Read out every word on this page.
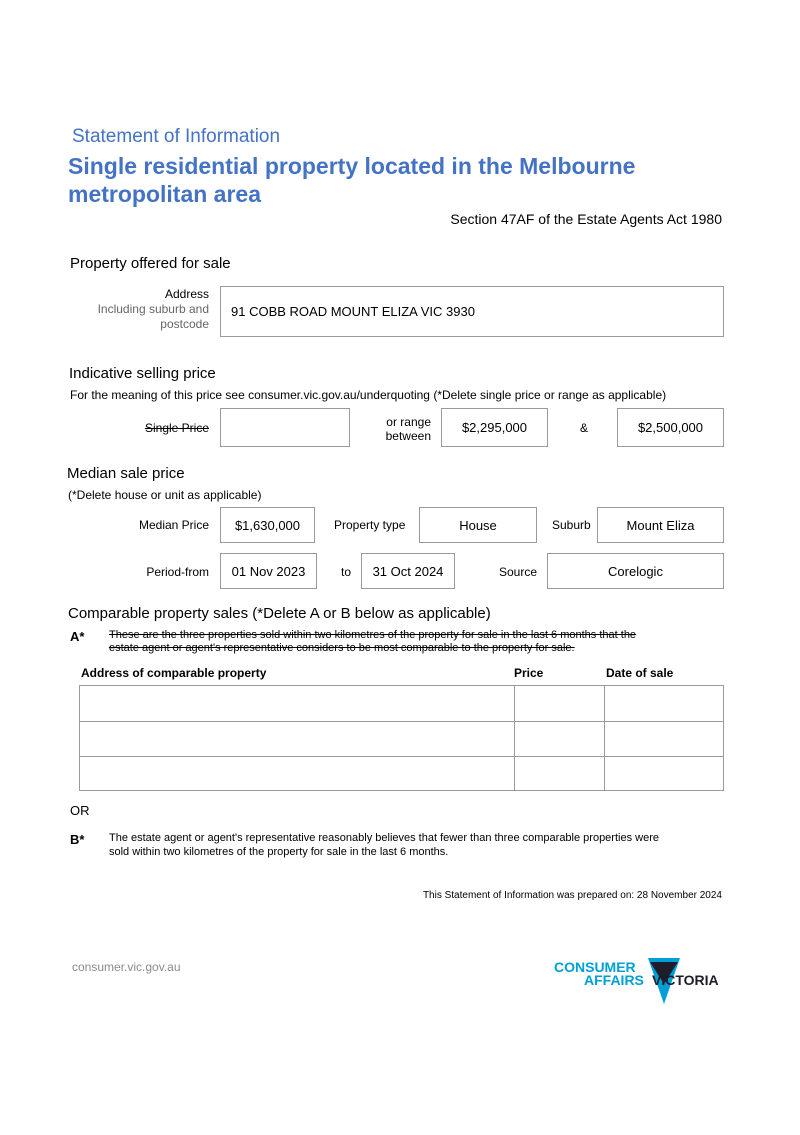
Statement of Information
Single residential property located in the Melbourne
metropolitan area
Section 47AF of the Estate Agents Act 1980
Property offered for sale
Address
Including suburb and
postcode
91 COBB ROAD MOUNT ELIZA VIC 3930
Indicative selling price
For the meaning of this price see consumer.vic.gov.au/underquoting (*Delete single price or range as applicable)
Single Price	or range
between
$2,295,000	&	$2,500,000
Median sale price
(*Delete house or unit as applicable)
Median Price $1,630,000	Property type	House	Suburb	Mount Eliza
Period-from 01 Nov 2023	to 31 Oct 2024	Source	Corelogic
Comparable property sales (*Delete A or B below as applicable)
A* These are the three properties sold within two kilometres of the property for sale in the last 6 months that the
estate agent or agent's representative considers to be most comparable to the property for sale.
Address of comparable property	Price	Date of sale
OR
B* The estate agent or agent's representative reasonably believes that fewer than three comparable properties were
sold within two kilometres of the property for sale in the last 6 months.
This Statement of Information was prepared on: 28 November 2024
consumer.vic.gov.au	CONSUMER
AFFAIRS VICTORIA
